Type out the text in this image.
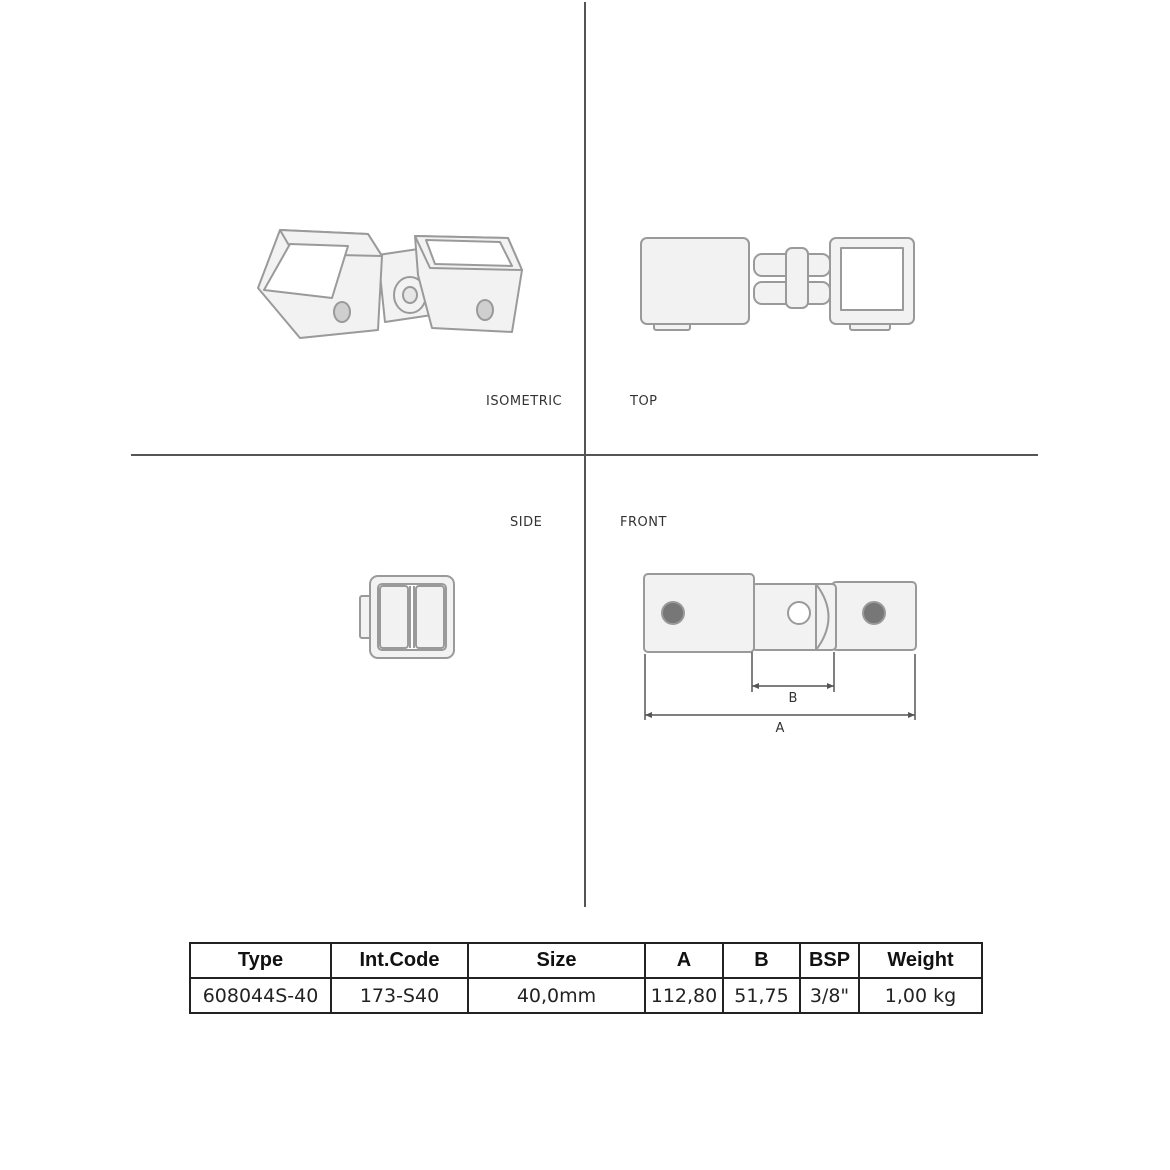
ISOMETRIC	TOP
SIDE	FRONT
B
A
Type	Int.Code	Size	A	B	BSP	Weight
608044S-40	173-S40	40,0mm	112,80	51,75	3/8"	1,00 kg
